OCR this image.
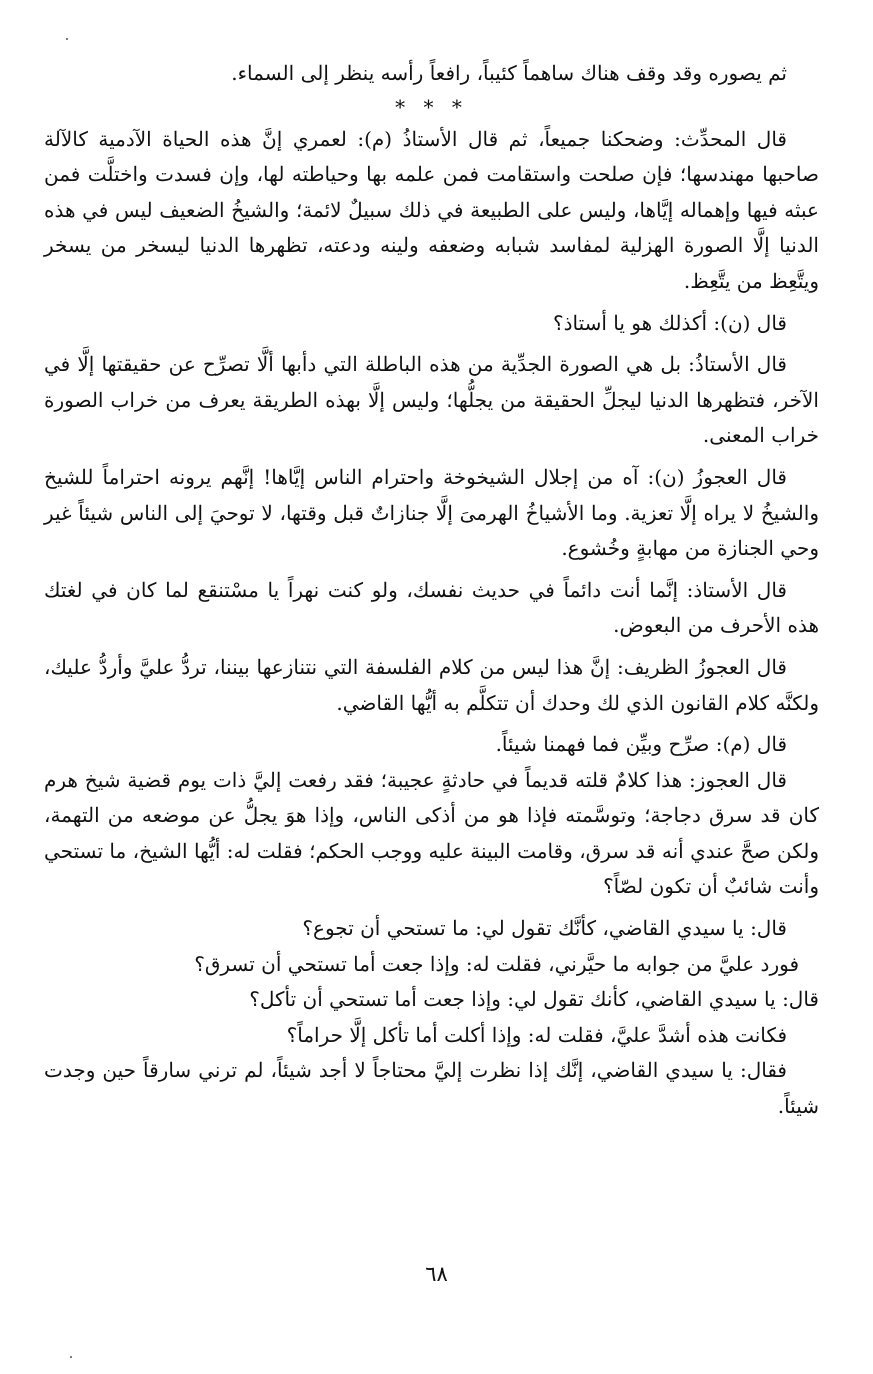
ثم يصوره وقد وقف هناك ساهماً كئيباً، رافعاً رأسه ينظر إلى السماء.

* * *

قال المحدِّث: وضحكنا جميعاً، ثم قال الأستاذُ (م): لعمري إنَّ هذه الحياة الآدمية كالآلة صاحبها مهندسها؛ فإن صلحت واستقامت فمن علمه بها وحياطته لها، وإن فسدت واختلَّت فمن عبثه فيها وإهماله إيَّاها، وليس على الطبيعة في ذلك سبيلٌ لائمة؛ والشيخُ الضعيف ليس في هذه الدنيا إلَّا الصورة الهزلية لمفاسد شبابه وضعفه ولينه ودعته، تظهرها الدنيا ليسخر من يسخر ويتَّعِظ من يتَّعِظ.

قال (ن): أكذلك هو يا أستاذ؟

قال الأستاذُ: بل هي الصورة الجدِّية من هذه الباطلة التي دأبها ألَّا تصرِّح عن حقيقتها إلَّا في الآخر، فتظهرها الدنيا ليجلِّ الحقيقة من يجلُّها؛ وليس إلَّا بهذه الطريقة يعرف من خراب الصورة خراب المعنى.

قال العجوزُ (ن): آه من إجلال الشيخوخة واحترام الناس إيَّاها! إنَّهم يرونه احتراماً للشيخ والشيخُ لا يراه إلَّا تعزية. وما الأشياخُ الهرمىَ إلَّا جنازاتٌ قبل وقتها، لا توحيَ إلى الناس شيئاً غير وحي الجنازة من مهابةٍ وخُشوع.

قال الأستاذ: إنَّما أنت دائماً في حديث نفسك، ولو كنت نهراً يا مسْتنقع لما كان في لغتك هذه الأحرف من البعوض.

قال العجوزُ الظريف: إنَّ هذا ليس من كلام الفلسفة التي نتنازعها بيننا، تردُّ عليَّ وأردُّ عليك، ولكنَّه كلام القانون الذي لك وحدك أن تتكلَّم به أيُّها القاضي.

قال (م): صرِّح وبيِّن فما فهمنا شيئاً.

قال العجوز: هذا كلامٌ قلته قديماً في حادثةٍ عجيبة؛ فقد رفعت إليَّ ذات يوم قضية شيخ هرم كان قد سرق دجاجة؛ وتوسَّمته فإذا هو من أذكى الناس، وإذا هوَ يجلُّ عن موضعه من التهمة، ولكن صحَّ عندي أنه قد سرق، وقامت البينة عليه ووجب الحكم؛ فقلت له: أيُّها الشيخ، ما تستحي وأنت شائبٌ أن تكون لصّاً؟

قال: يا سيدي القاضي، كأنَّك تقول لي: ما تستحي أن تجوع؟

فورد عليَّ من جوابه ما حيَّرني، فقلت له: وإذا جعت أما تستحي أن تسرق؟

قال: يا سيدي القاضي، كأنك تقول لي: وإذا جعت أما تستحي أن تأكل؟

فكانت هذه أشدَّ عليَّ، فقلت له: وإذا أكلت أما تأكل إلَّا حراماً؟

فقال: يا سيدي القاضي، إنَّك إذا نظرت إليَّ محتاجاً لا أجد شيئاً، لم ترني سارقاً حين وجدت شيئاً.

٦٨
